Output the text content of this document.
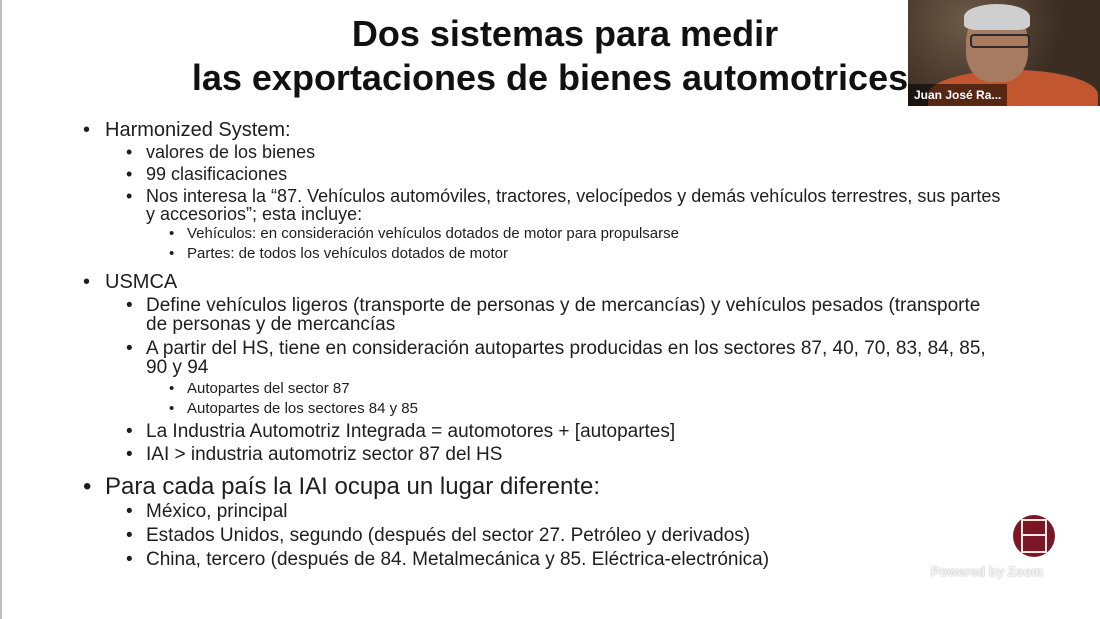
Dos sistemas para medir
las exportaciones de bienes automotrices
• Harmonized System:
• valores de los bienes
• 99 clasificaciones
• Nos interesa la “87. Vehículos automóviles, tractores, velocípedos y demás vehículos terrestres, sus partes y accesorios”; esta incluye:
• Vehículos: en consideración vehículos dotados de motor para propulsarse
• Partes: de todos los vehículos dotados de motor
• USMCA
• Define vehículos ligeros (transporte de personas y de mercancías) y vehículos pesados (transporte de personas y de mercancías
• A partir del HS, tiene en consideración autopartes producidas en los sectores 87, 40, 70, 83, 84, 85, 90 y 94
• Autopartes del sector 87
• Autopartes de los sectores 84 y 85
• La Industria Automotriz Integrada = automotores + [autopartes]
• IAI > industria automotriz sector 87 del HS
• Para cada país la IAI ocupa un lugar diferente:
• México, principal
• Estados Unidos, segundo (después del sector 27. Petróleo y derivados)
• China, tercero (después de 84. Metalmecánica y 85. Eléctrica-electrónica)
Juan José Ra...
Powered by Zoom
